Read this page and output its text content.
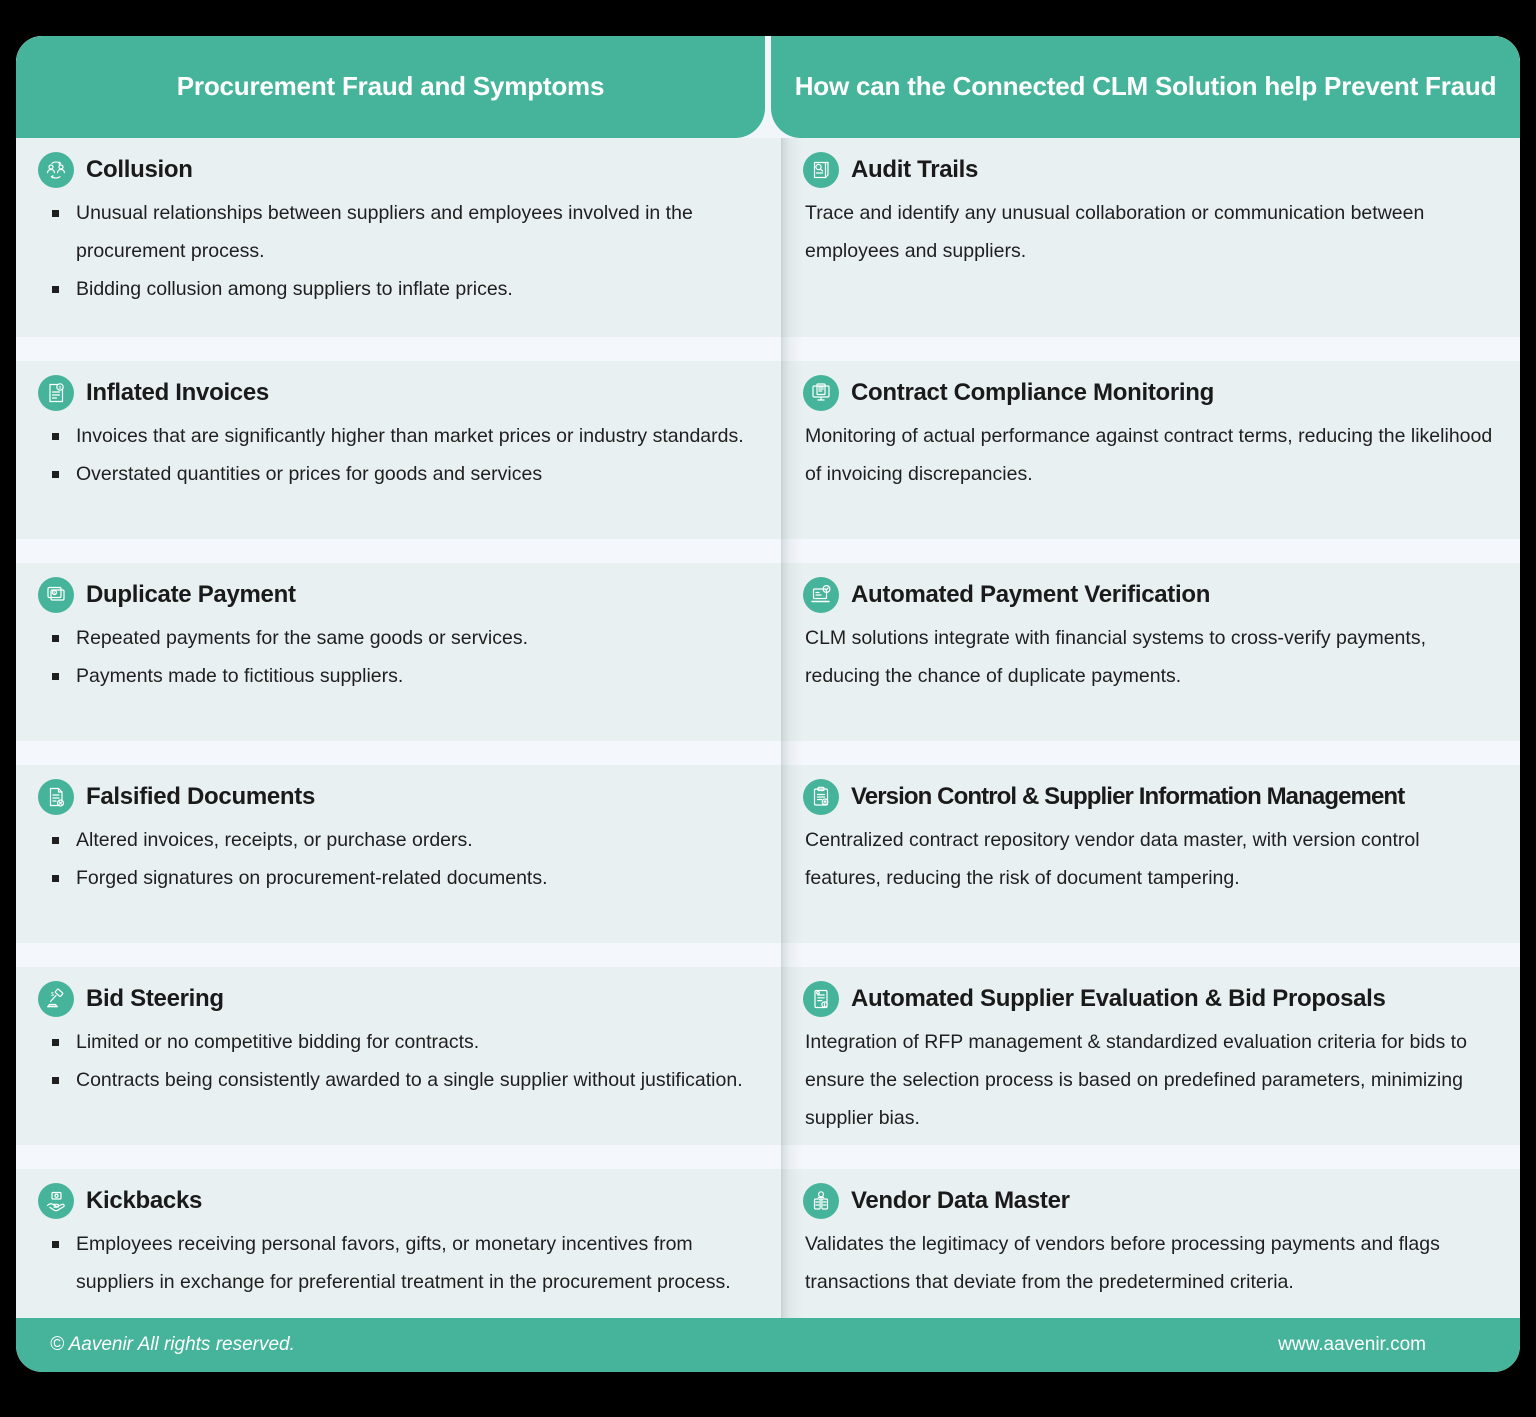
Procurement Fraud and Symptoms	How can the Connected CLM Solution help Prevent Fraud
Collusion
Unusual relationships between suppliers and employees involved in the procurement process.
Bidding collusion among suppliers to inflate prices.
$ Inflated Invoices
Invoices that are significantly higher than market prices or industry standards.
Overstated quantities or prices for goods and services
$ Duplicate Payment
Repeated payments for the same goods or services.
Payments made to fictitious suppliers.
Falsified Documents
Altered invoices, receipts, or purchase orders.
Forged signatures on procurement-related documents.
$ Bid Steering
Limited or no competitive bidding for contracts.
Contracts being consistently awarded to a single supplier without justification.
Kickbacks
Employees receiving personal favors, gifts, or monetary incentives from suppliers in exchange for preferential treatment in the procurement process.
Audit Trails
Trace and identify any unusual collaboration or communication between employees and suppliers.
Contract Compliance Monitoring
Monitoring of actual performance against contract terms, reducing the likelihood of invoicing discrepancies.
Automated Payment Verification
CLM solutions integrate with financial systems to cross-verify payments, reducing the chance of duplicate payments.
Version Control & Supplier Information Management
Centralized contract repository vendor data master, with version control features, reducing the risk of document tampering.
Automated Supplier Evaluation & Bid Proposals
Integration of RFP management & standardized evaluation criteria for bids to ensure the selection process is based on predefined parameters, minimizing supplier bias.
Vendor Data Master
Validates the legitimacy of vendors before processing payments and flags transactions that deviate from the predetermined criteria.
© Aavenir All rights reserved.	www.aavenir.com
